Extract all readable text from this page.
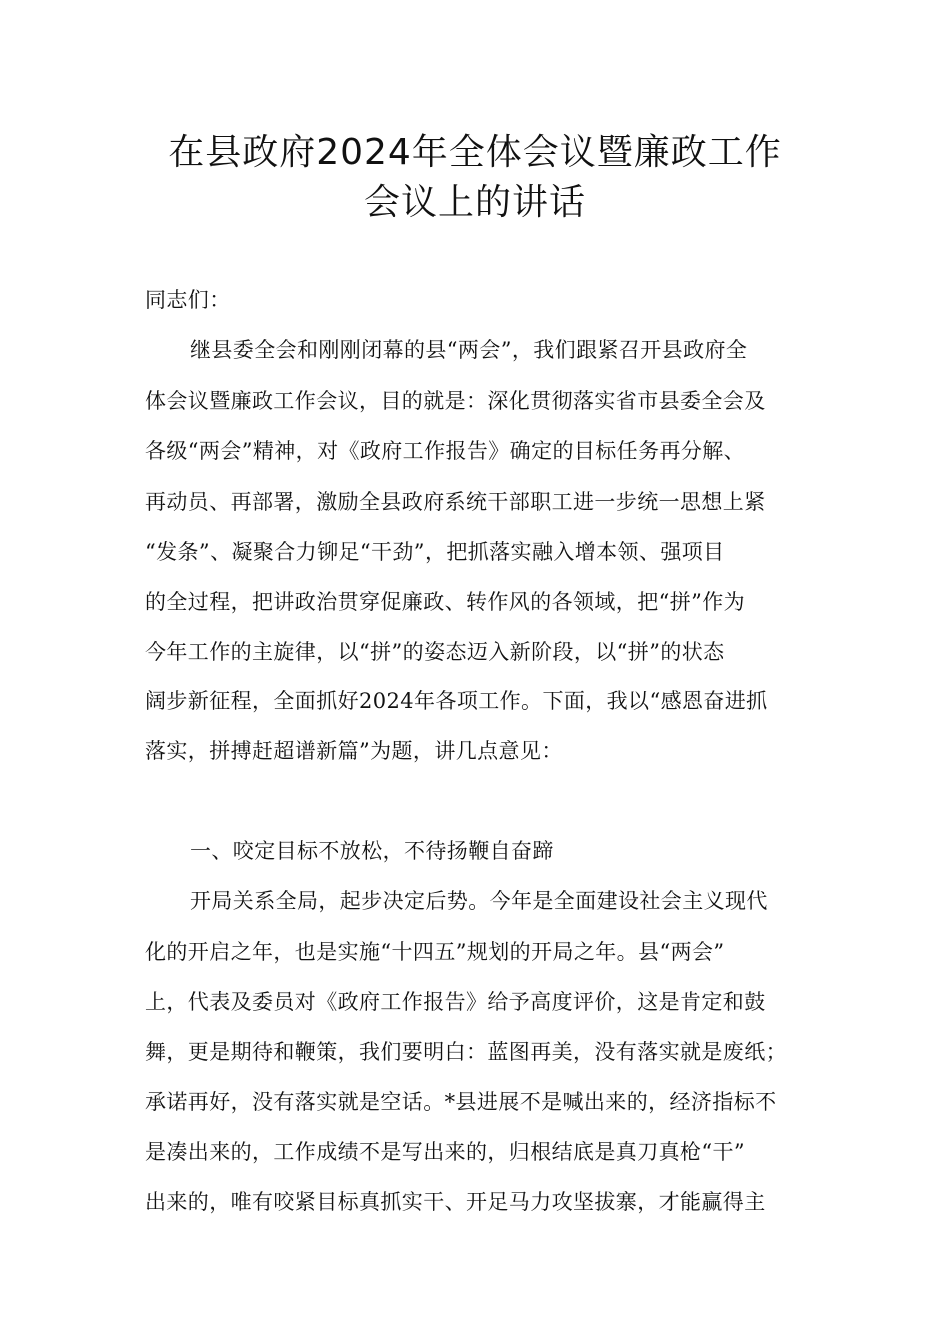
在县政府2024年全体会议暨廉政工作
会议上的讲话
同志们：
继县委全会和刚刚闭幕的县“两会”，我们跟紧召开县政府全
体会议暨廉政工作会议，目的就是：深化贯彻落实省市县委全会及
各级“两会”精神，对《政府工作报告》确定的目标任务再分解、
再动员、再部署，激励全县政府系统干部职工进一步统一思想上紧
“发条”、凝聚合力铆足“干劲”，把抓落实融入增本领、强项目
的全过程，把讲政治贯穿促廉政、转作风的各领域，把“拼”作为
今年工作的主旋律，以“拼”的姿态迈入新阶段，以“拼”的状态
阔步新征程，全面抓好2024年各项工作。下面，我以“感恩奋进抓
落实，拼搏赶超谱新篇”为题，讲几点意见：
一、咬定目标不放松，不待扬鞭自奋蹄
开局关系全局，起步决定后势。今年是全面建设社会主义现代
化的开启之年，也是实施“十四五”规划的开局之年。县“两会”
上，代表及委员对《政府工作报告》给予高度评价，这是肯定和鼓
舞，更是期待和鞭策，我们要明白：蓝图再美，没有落实就是废纸；
承诺再好，没有落实就是空话。*县进展不是喊出来的，经济指标不
是凑出来的，工作成绩不是写出来的，归根结底是真刀真枪“干”
出来的，唯有咬紧目标真抓实干、开足马力攻坚拔寨，才能赢得主
